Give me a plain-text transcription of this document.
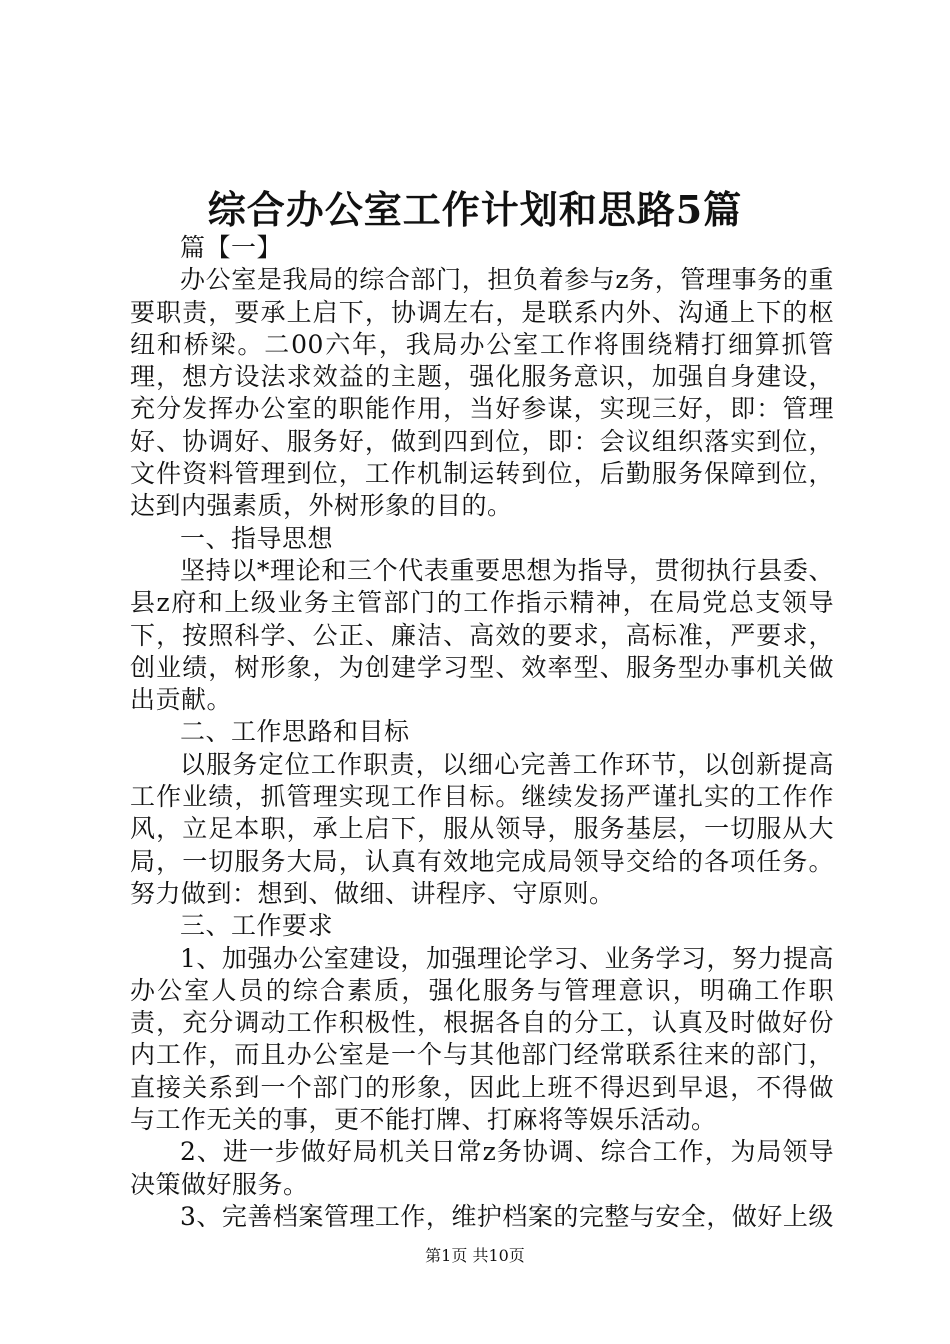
综合办公室工作计划和思路5篇

篇【一】

办公室是我局的综合部门，担负着参与z务，管理事务的重要职责，要承上启下，协调左右，是联系内外、沟通上下的枢纽和桥梁。二00六年，我局办公室工作将围绕精打细算抓管理，想方设法求效益的主题，强化服务意识，加强自身建设，充分发挥办公室的职能作用，当好参谋，实现三好，即：管理好、协调好、服务好，做到四到位，即：会议组织落实到位，文件资料管理到位，工作机制运转到位，后勤服务保障到位，达到内强素质，外树形象的目的。

一、指导思想

坚持以*理论和三个代表重要思想为指导，贯彻执行县委、县z府和上级业务主管部门的工作指示精神，在局党总支领导下，按照科学、公正、廉洁、高效的要求，高标准，严要求，创业绩，树形象，为创建学习型、效率型、服务型办事机关做出贡献。

二、工作思路和目标

以服务定位工作职责，以细心完善工作环节，以创新提高工作业绩，抓管理实现工作目标。继续发扬严谨扎实的工作作风，立足本职，承上启下，服从领导，服务基层，一切服从大局，一切服务大局，认真有效地完成局领导交给的各项任务。努力做到：想到、做细、讲程序、守原则。

三、工作要求

1、加强办公室建设，加强理论学习、业务学习，努力提高办公室人员的综合素质，强化服务与管理意识，明确工作职责，充分调动工作积极性，根据各自的分工，认真及时做好份内工作，而且办公室是一个与其他部门经常联系往来的部门，直接关系到一个部门的形象，因此上班不得迟到早退，不得做与工作无关的事，更不能打牌、打麻将等娱乐活动。

2、进一步做好局机关日常z务协调、综合工作，为局领导决策做好服务。

3、完善档案管理工作，维护档案的完整与安全，做好上级

第1页 共10页
